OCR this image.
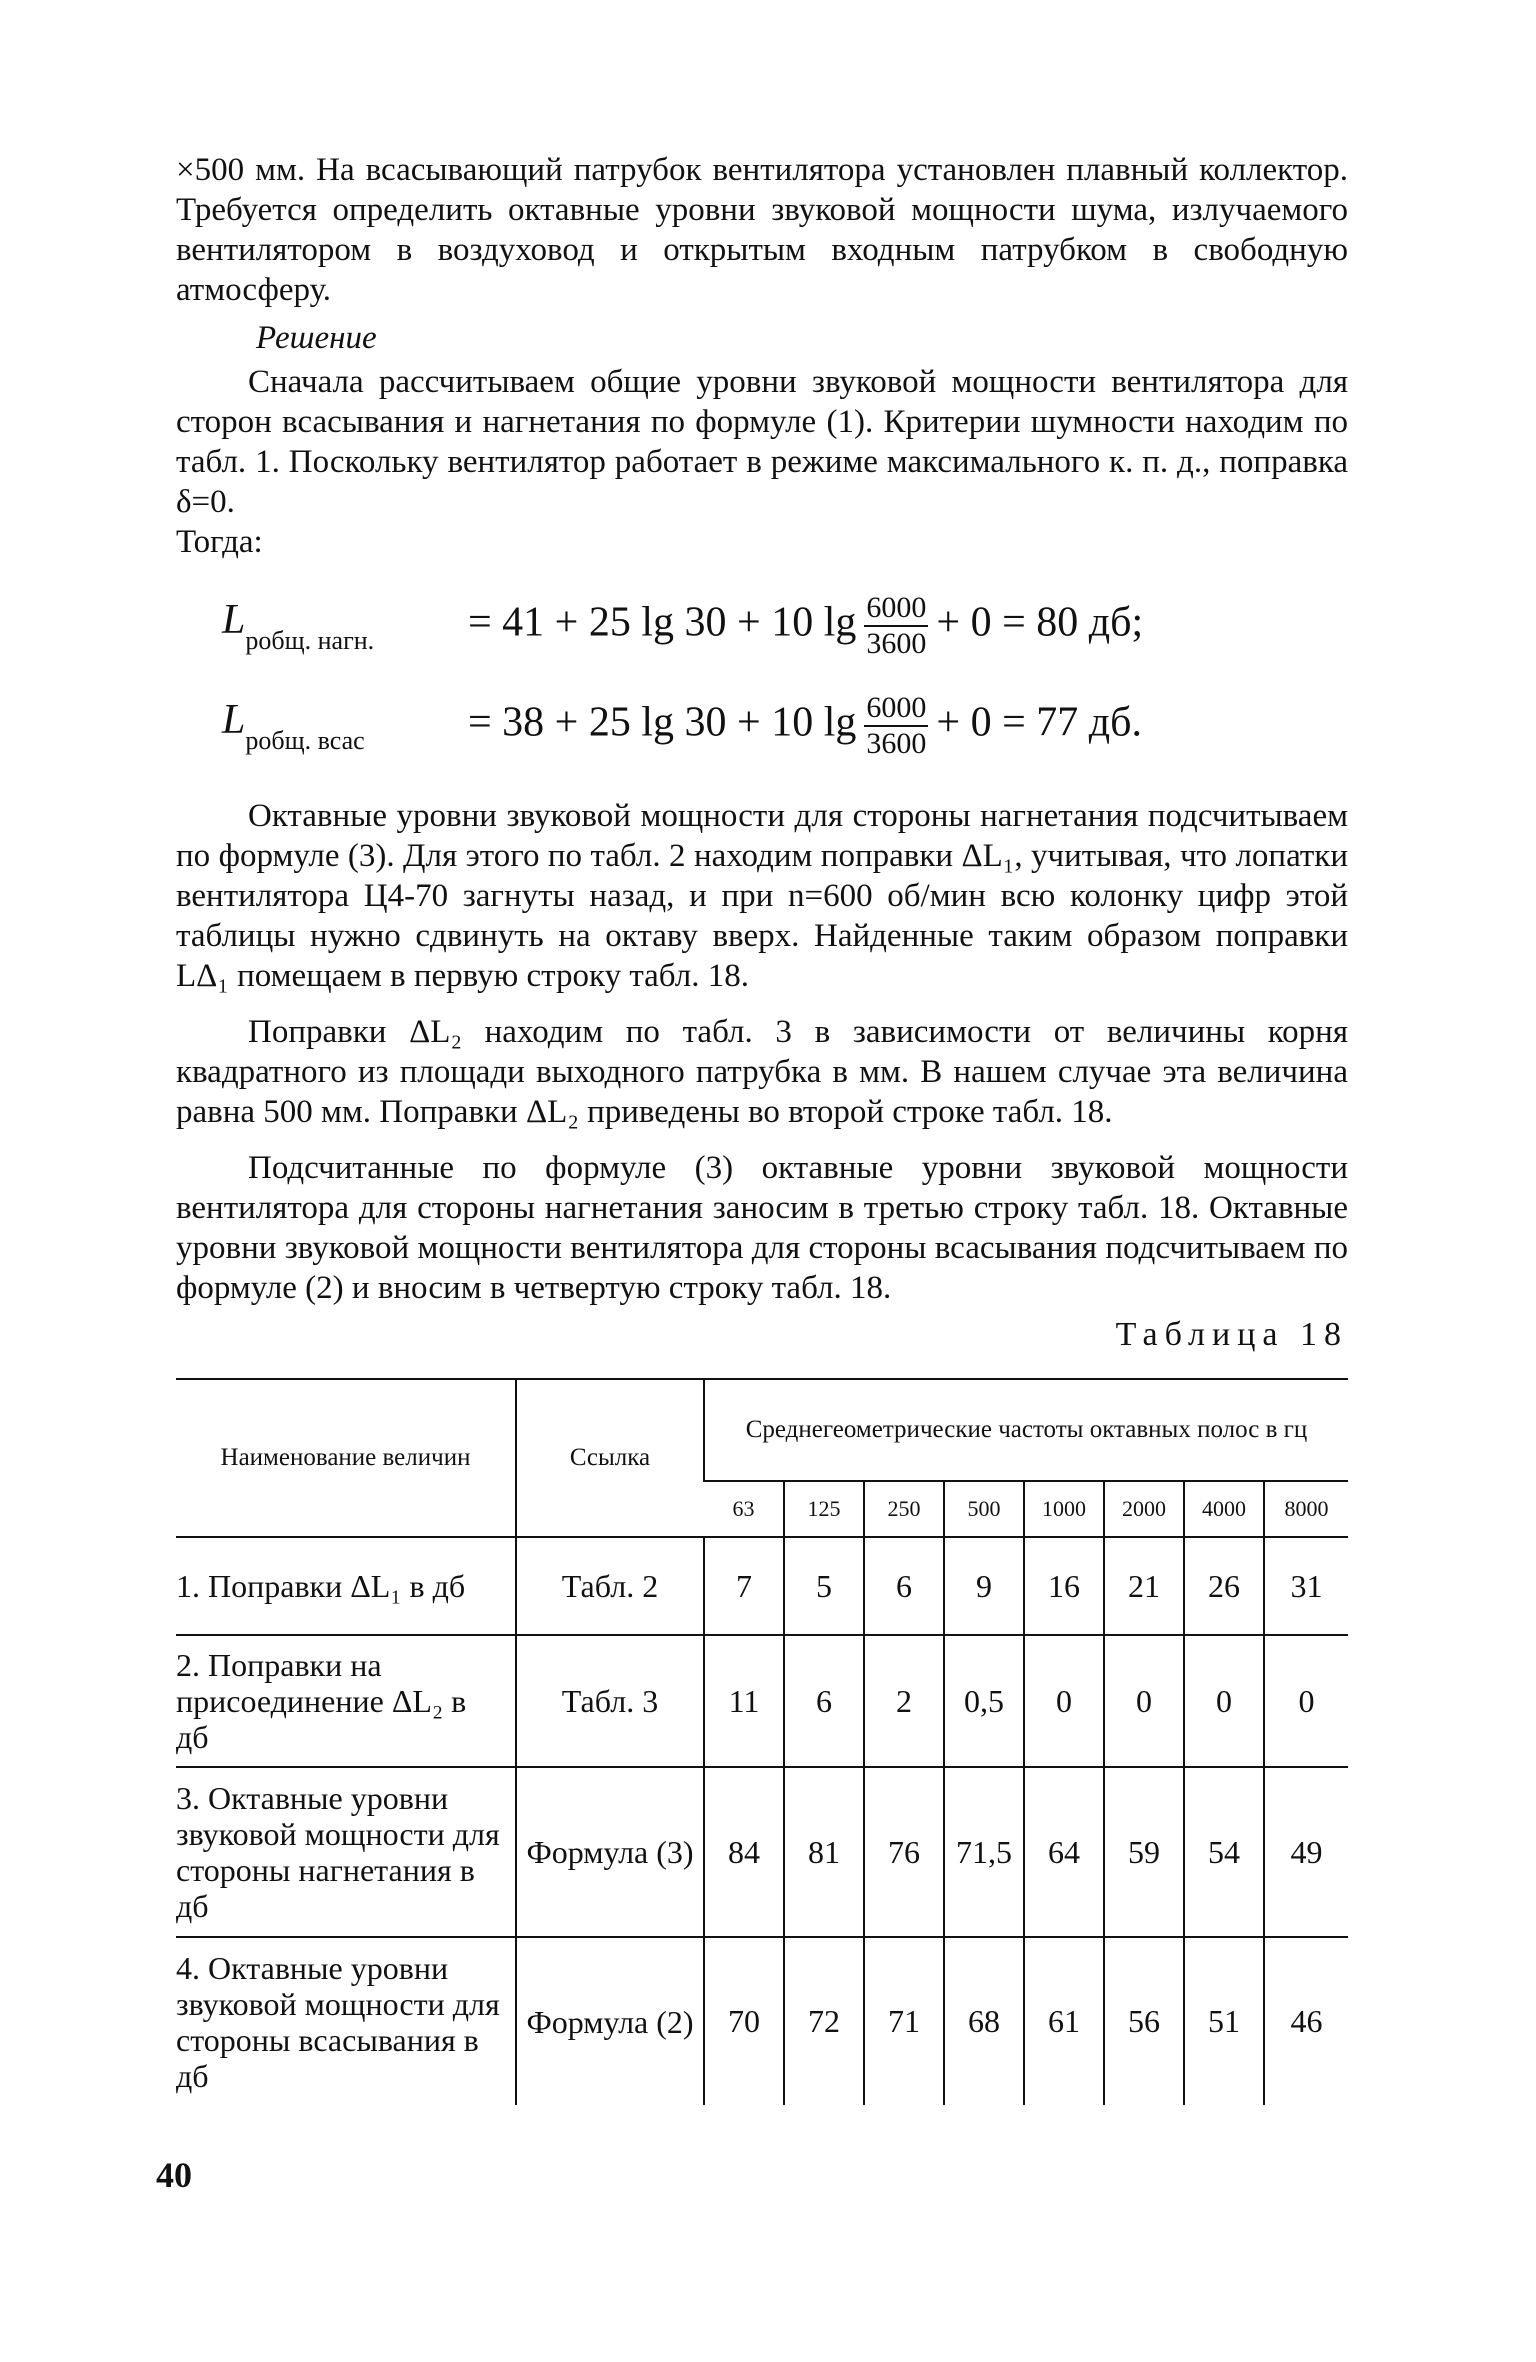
×500 мм. На всасывающий патрубок вентилятора установлен плавный коллектор. Требуется определить октавные уровни звуковой мощности шума, излучаемого вентилятором в воздуховод и открытым входным патрубком в свободную атмосферу.

Решение

Сначала рассчитываем общие уровни звуковой мощности вентилятора для сторон всасывания и нагнетания по формуле (1). Критерии шумности находим по табл. 1. Поскольку вентилятор работает в режиме максимального к. п. д., поправка δ=0.

Тогда:

$L_{pобщ. нагн.}$	= 41 + 25 lg 30 + 10 $\lg \frac{6000}{3600} + 0 = 80$ дб;
$L_{pобщ. всас}$	= 38 + 25 lg 30 + 10 $\lg \frac{6000}{3600} + 0 = 77$ дб.

Октавные уровни звуковой мощности для стороны нагнетания подсчитываем по формуле (3). Для этого по табл. 2 находим поправки ΔL₁, учитывая, что лопатки вентилятора Ц4-70 загнуты назад, и при n=600 об/мин всю колонку цифр этой таблицы нужно сдвинуть на октаву вверх. Найденные таким образом поправки LΔ₁ помещаем в первую строку табл. 18.

Поправки ΔL₂ находим по табл. 3 в зависимости от величины корня квадратного из площади выходного патрубка в мм. В нашем случае эта величина равна 500 мм. Поправки ΔL₂ приведены во второй строке табл. 18.

Подсчитанные по формуле (3) октавные уровни звуковой мощности вентилятора для стороны нагнетания заносим в третью строку табл. 18. Октавные уровни звуковой мощности вентилятора для стороны всасывания подсчитываем по формуле (2) и вносим в четвертую строку табл. 18.

Таблица 18
Наименование величин	Ссылка	Среднегеометрические частоты октавных полос в гц							
		63	125	250	500	1000	2000	4000	8000
1. Поправки ΔL₁ в дб	Табл. 2	7	5	6	9	16	21	26	31
2. Поправки на присоединение ΔL₂ в дб	Табл. 3	11	6	2	0,5	0	0	0	0
3. Октавные уровни звуковой мощности для стороны нагнетания в дб	Формула (3)	84	81	76	71,5	64	59	54	49
4. Октавные уровни звуковой мощности для стороны всасывания в дб	Формула (2)	70	72	71	68	61	56	51	46
40
